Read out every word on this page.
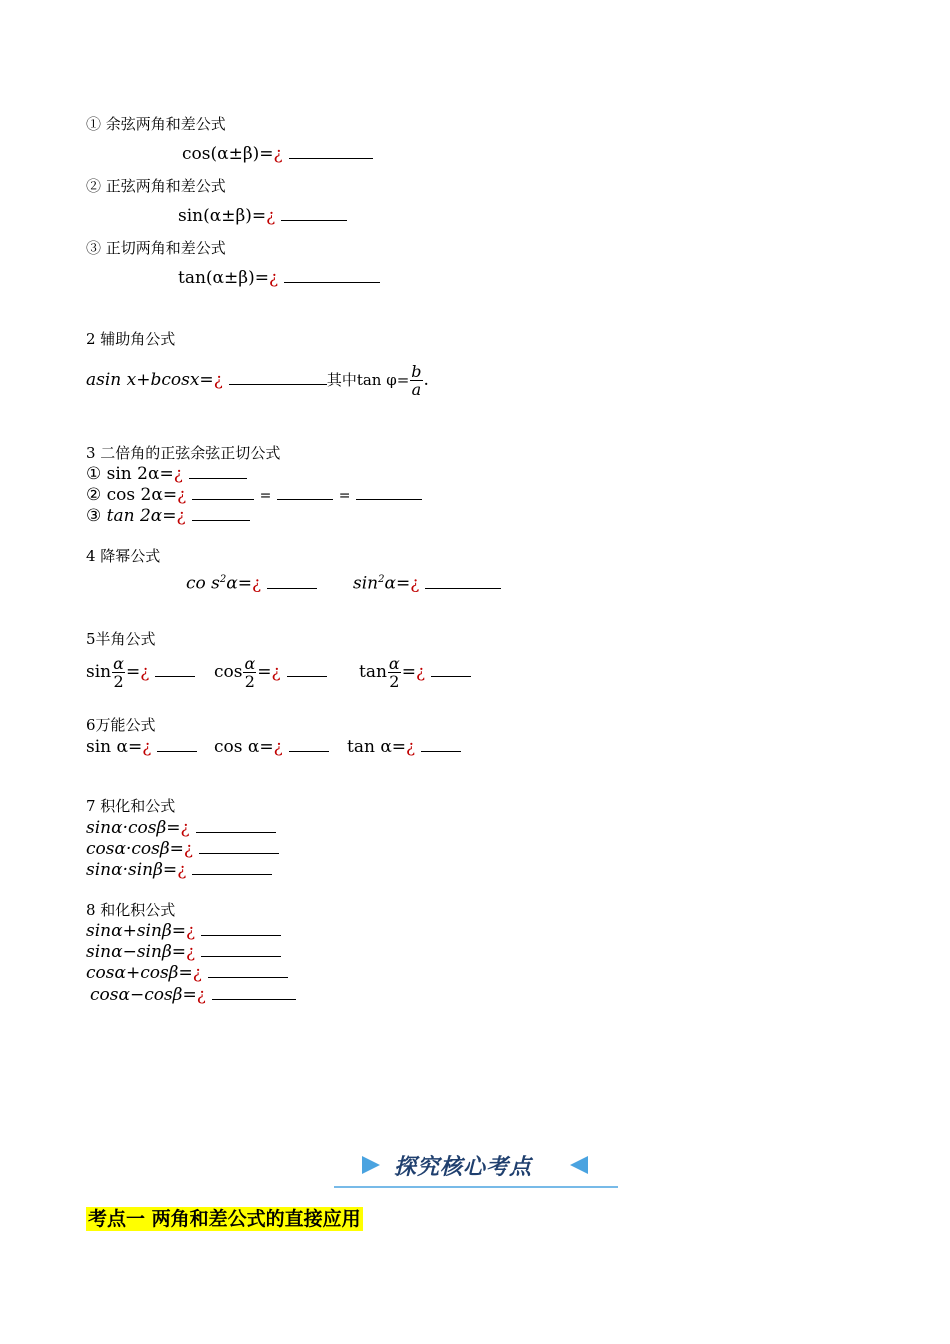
① 余弦两角和差公式
cos(α±β)=¿
② 正弦两角和差公式
sin(α±β)=¿
③ 正切两角和差公式
tan(α±β)=¿
2 辅助角公式
asin x+bcosx=¿	其中$\tan \varphi= \frac{b}{a}$ .
3 二倍角的正弦余弦正切公式
① sin 2α=¿
② cos 2α=¿	=	=
③ tan 2α=¿
4 降幂公式
co $s^2\alpha=¿$	$\sin^2\alpha=¿$
5半角公式
$\sin \frac{\alpha}{2}$ =¿	$\cos \frac{\alpha}{2}$ =¿	$\tan \frac{\alpha}{2}$ =¿
6万能公式
sin α=¿	cos α=¿	tan α=¿
7 积化和公式
sinα·cosβ=¿
cosα·cosβ=¿
sinα·sinβ=¿
8 和化积公式
sinα+sinβ=¿
sinα−sinβ=¿
cosα+cosβ=¿
cosα−cosβ=¿
探究核心考点
考点一 两角和差公式的直接应用
